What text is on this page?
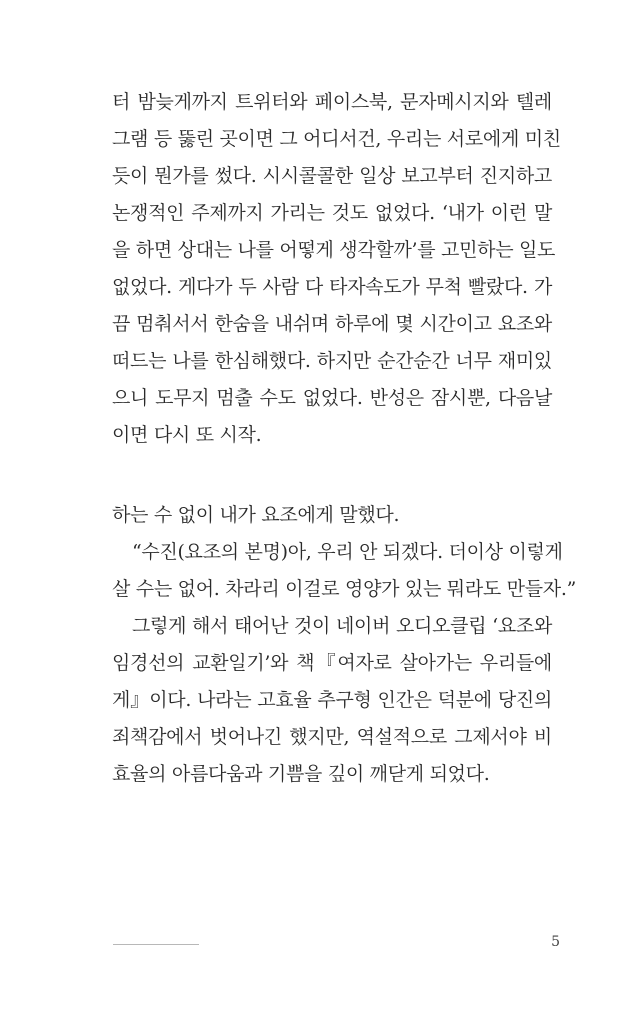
터 밤늦게까지 트위터와 페이스북, 문자메시지와 텔레
그램 등 뚫린 곳이면 그 어디서건, 우리는 서로에게 미친
듯이 뭔가를 썼다. 시시콜콜한 일상 보고부터 진지하고
논쟁적인 주제까지 가리는 것도 없었다. ‘내가 이런 말
을 하면 상대는 나를 어떻게 생각할까’를 고민하는 일도
없었다. 게다가 두 사람 다 타자속도가 무척 빨랐다. 가
끔 멈춰서서 한숨을 내쉬며 하루에 몇 시간이고 요조와
떠드는 나를 한심해했다. 하지만 순간순간 너무 재미있
으니 도무지 멈출 수도 없었다. 반성은 잠시뿐, 다음날
이면 다시 또 시작.
하는 수 없이 내가 요조에게 말했다.
“수진(요조의 본명)아, 우리 안 되겠다. 더이상 이렇게
살 수는 없어. 차라리 이걸로 영양가 있는 뭐라도 만들자.”
그렇게 해서 태어난 것이 네이버 오디오클립 ‘요조와
임경선의 교환일기’와 책『여자로 살아가는 우리들에
게』이다. 나라는 고효율 추구형 인간은 덕분에 당진의
죄책감에서 벗어나긴 했지만, 역설적으로 그제서야 비
효율의 아름다움과 기쁨을 깊이 깨닫게 되었다.
5
